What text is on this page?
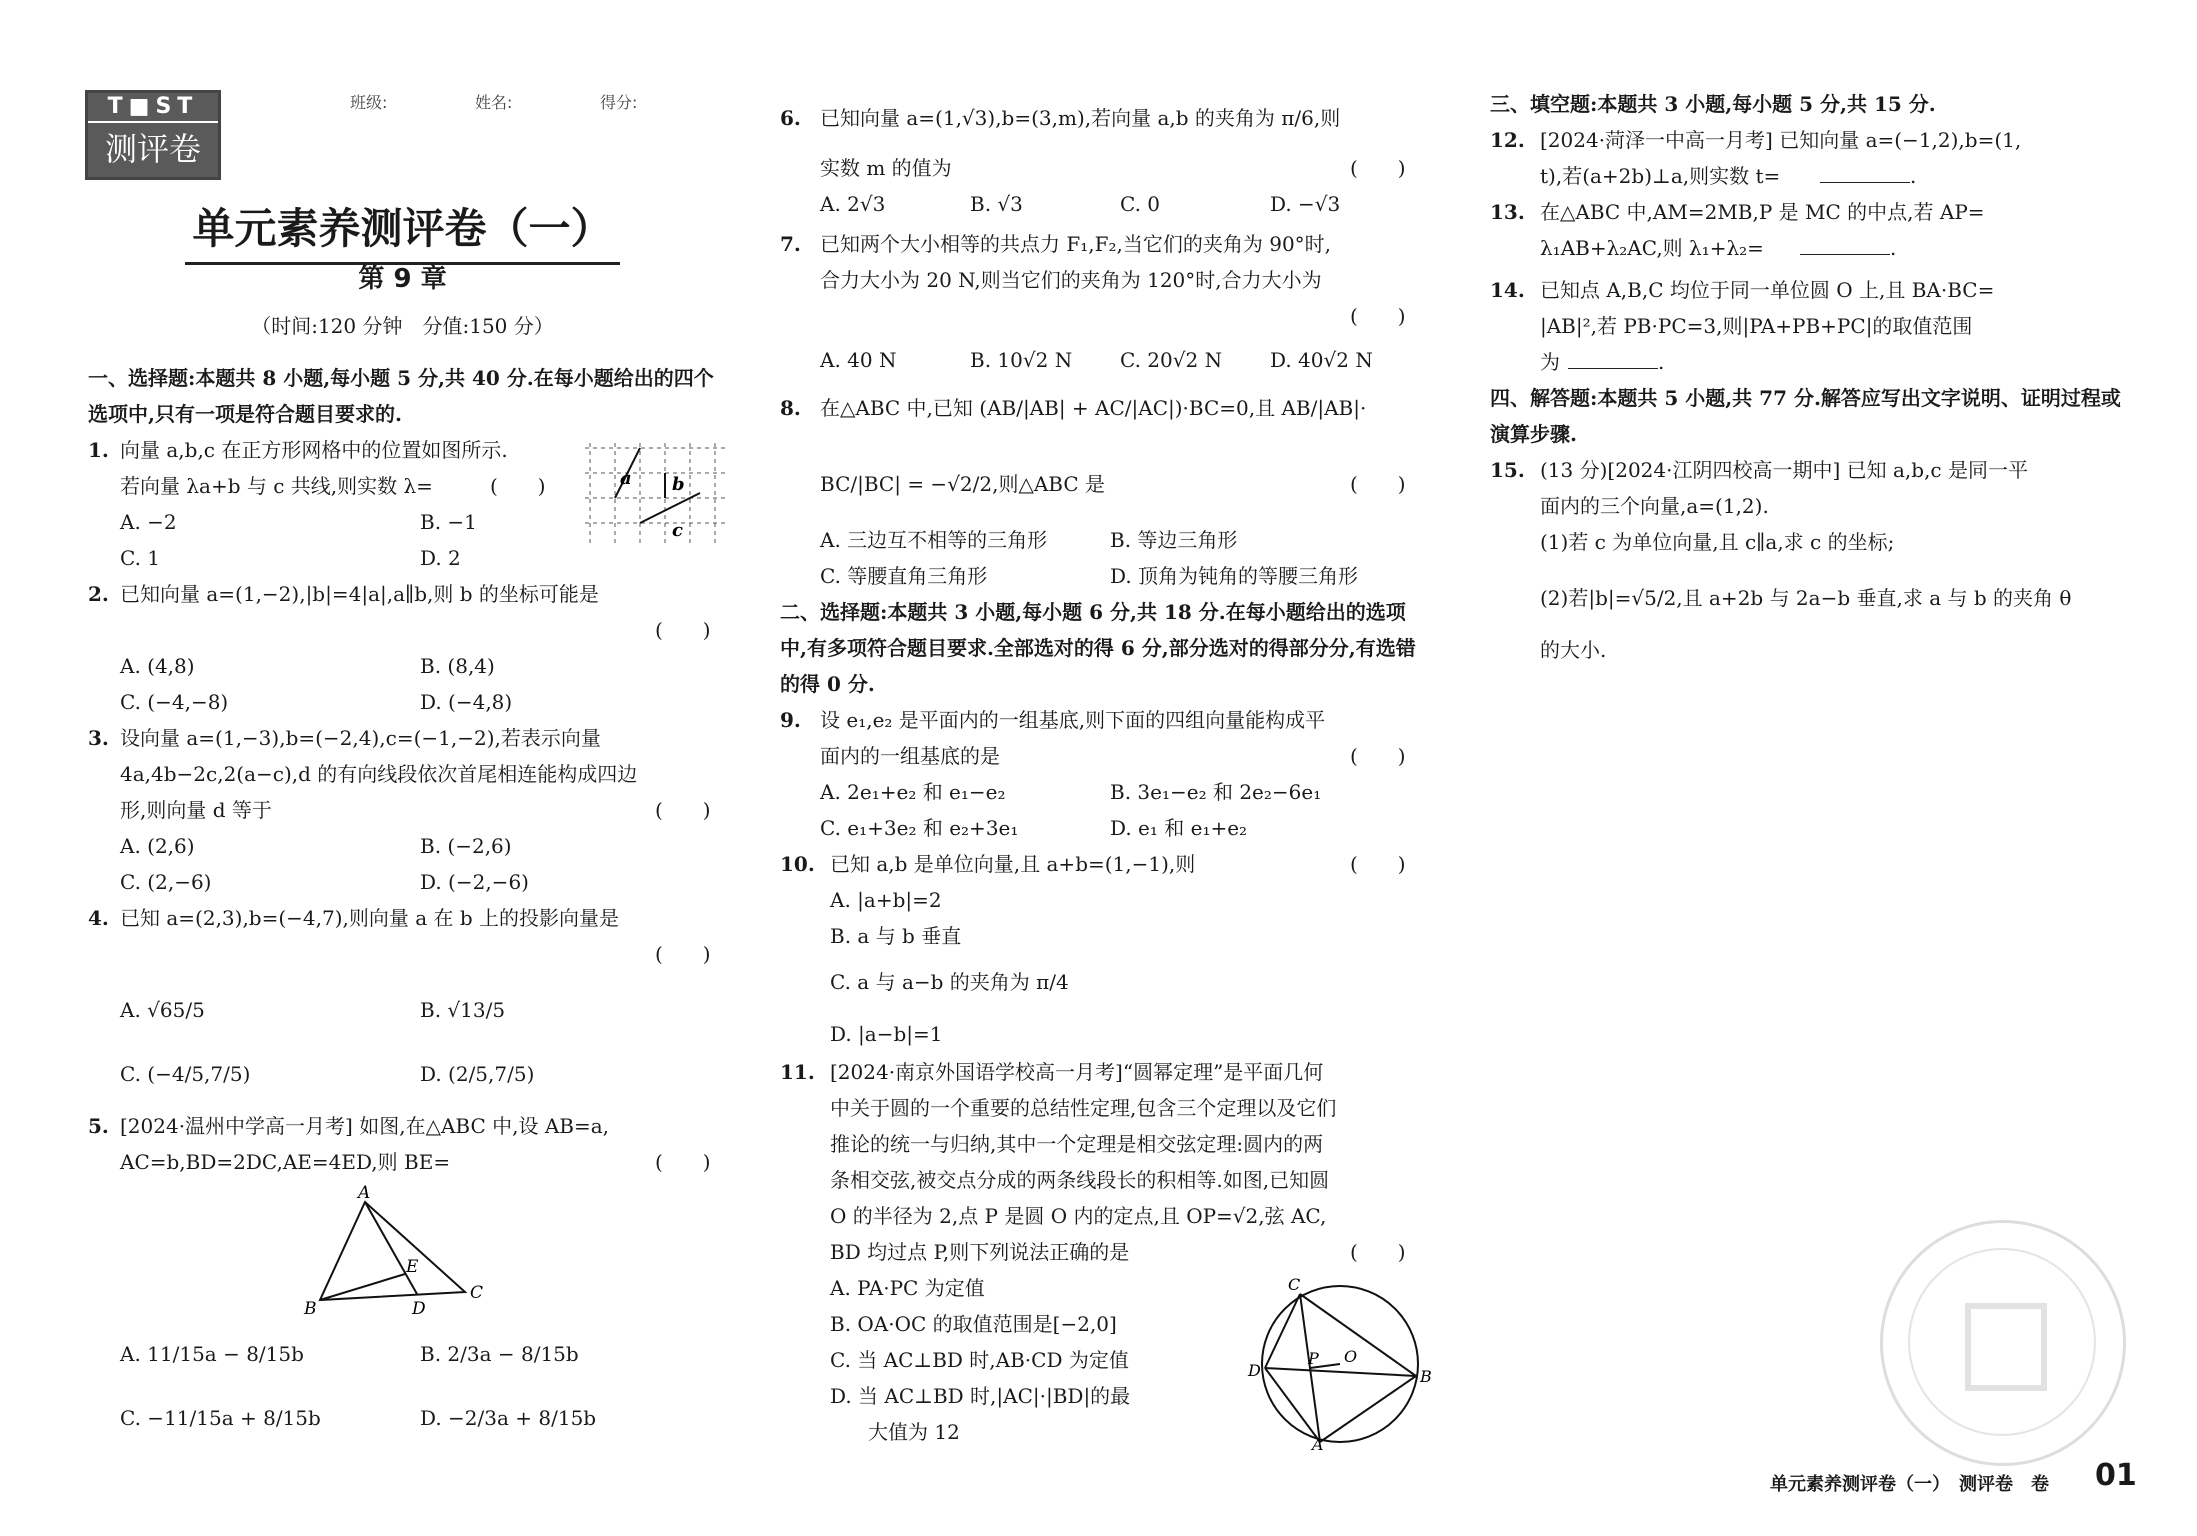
T■ST
测评卷
班级:	姓名:	得分:
单元素养测评卷（一）
第 9 章
（时间:120 分钟　分值:150 分）
一、选择题:本题共 8 小题,每小题 5 分,共 40 分.在每小题给出的四个选项中,只有一项是符合题目要求的.
1. 向量 a,b,c 在正方形网格中的位置如图所示.
若向量 λa+b 与 c 共线,则实数 λ=	(　　)
A. −2	B. −1
C. 1	D. 2
a b
c
2. 已知向量 a=(1,−2),|b|=4|a|,a∥b,则 b 的坐标可能是
(　　)
A. (4,8)	B. (8,4)
C. (−4,−8)	D. (−4,8)
3. 设向量 a=(1,−3),b=(−2,4),c=(−1,−2),若表示向量
4a,4b−2c,2(a−c),d 的有向线段依次首尾相连能构成四边
形,则向量 d 等于	(　　)
A. (2,6)	B. (−2,6)
C. (2,−6)	D. (−2,−6)
4. 已知 a=(2,3),b=(−4,7),则向量 a 在 b 上的投影向量是
(　　)
A. √65/5	B. √13/5
C. (−4/5,7/5)	D. (2/5,7/5)
5. [2024·温州中学高一月考] 如图,在△ABC 中,设 AB=a,
AC=b,BD=2DC,AE=4ED,则 BE=	(　　)
A
B
C
D
E
A. 11/15a − 8/15b	B. 2/3a − 8/15b
C. −11/15a + 8/15b	D. −2/3a + 8/15b
6. 已知向量 a=(1,√3),b=(3,m),若向量 a,b 的夹角为 π/6,则
实数 m 的值为	(　　)
A. 2√3	B. √3	C. 0	D. −√3
7. 已知两个大小相等的共点力 F₁,F₂,当它们的夹角为 90°时,
合力大小为 20 N,则当它们的夹角为 120°时,合力大小为
(　　)
A. 40 N	B. 10√2 N C. 20√2 N D. 40√2 N
8. 在△ABC 中,已知 (AB/|AB| + AC/|AC|)·BC=0,且 AB/|AB|·
BC/|BC| = −√2/2,则△ABC 是	(　　)
A. 三边互不相等的三角形	B. 等边三角形
C. 等腰直角三角形	D. 顶角为钝角的等腰三角形
二、选择题:本题共 3 小题,每小题 6 分,共 18 分.在每小题给出的选项中,有多项符合题目要求.全部选对的得 6 分,部分选对的得部分分,有选错的得 0 分.
9. 设 e₁,e₂ 是平面内的一组基底,则下面的四组向量能构成平
面内的一组基底的是	(　　)
A. 2e₁+e₂ 和 e₁−e₂	B. 3e₁−e₂ 和 2e₂−6e₁
C. e₁+3e₂ 和 e₂+3e₁	D. e₁ 和 e₁+e₂
10. 已知 a,b 是单位向量,且 a+b=(1,−1),则	(　　)
A. |a+b|=2
B. a 与 b 垂直
C. a 与 a−b 的夹角为 π/4
D. |a−b|=1
11. [2024·南京外国语学校高一月考]“圆幂定理”是平面几何
中关于圆的一个重要的总结性定理,包含三个定理以及它们
推论的统一与归纳,其中一个定理是相交弦定理:圆内的两
条相交弦,被交点分成的两条线段长的积相等.如图,已知圆
O 的半径为 2,点 P 是圆 O 内的定点,且 OP=√2,弦 AC,
BD 均过点 P,则下列说法正确的是	(　　)
A. PA·PC 为定值
B. OA·OC 的取值范围是[−2,0]
C. 当 AC⊥BD 时,AB·CD 为定值
D. 当 AC⊥BD 时,|AC|·|BD|的最
大值为 12
C
D	B
A
P O
三、填空题:本题共 3 小题,每小题 5 分,共 15 分.
12. [2024·菏泽一中高一月考] 已知向量 a=(−1,2),b=(1,
t),若(a+2b)⊥a,则实数 t=	.
13. 在△ABC 中,AM=2MB,P 是 MC 的中点,若 AP=
λ₁AB+λ₂AC,则 λ₁+λ₂=	.
14. 已知点 A,B,C 均位于同一单位圆 O 上,且 BA·BC=
|AB|²,若 PB·PC=3,则|PA+PB+PC|的取值范围
为	.
四、解答题:本题共 5 小题,共 77 分.解答应写出文字说明、证明过程或演算步骤.
15. (13 分)[2024·江阴四校高一期中] 已知 a,b,c 是同一平
面内的三个向量,a=(1,2).
(1)若 c 为单位向量,且 c∥a,求 c 的坐标;
(2)若|b|=√5/2,且 a+2b 与 2a−b 垂直,求 a 与 b 的夹角 θ
的大小.
单元素养测评卷（一）　测评卷　卷 01
